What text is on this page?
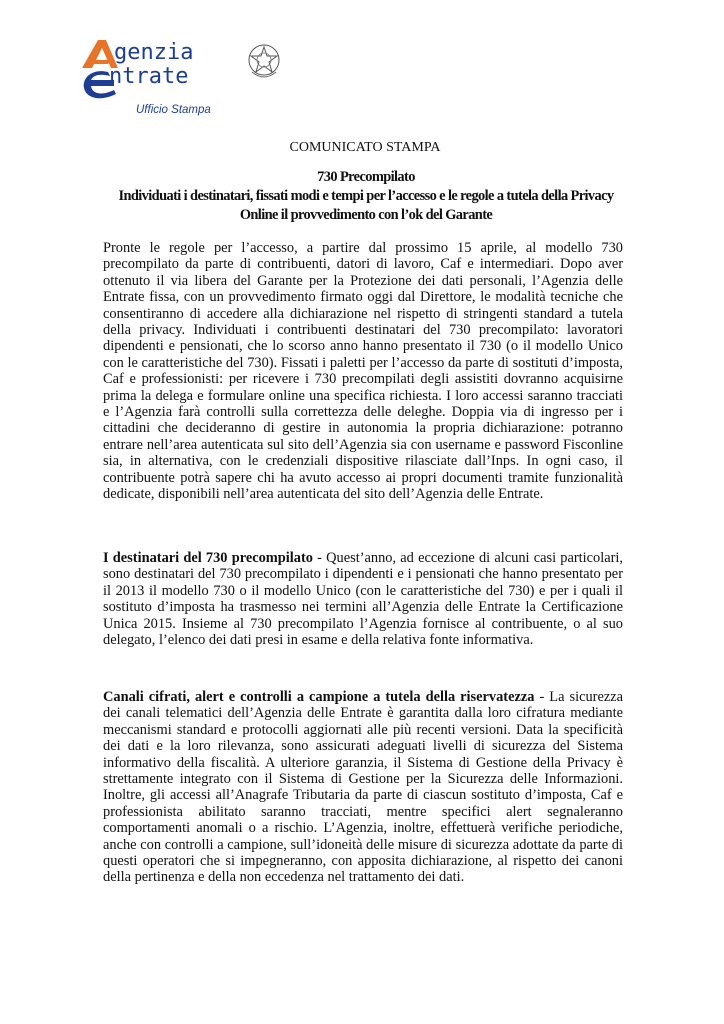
genzia
ntrate
Ufficio Stampa
COMUNICATO STAMPA
730 Precompilato
Individuati i destinatari, fissati modi e tempi per l’accesso e le regole a tutela della Privacy
Online il provvedimento con l’ok del Garante

Pronte le regole per l’accesso, a partire dal prossimo 15 aprile, al modello 730 precompilato da parte di contribuenti, datori di lavoro, Caf e intermediari. Dopo aver ottenuto il via libera del Garante per la Protezione dei dati personali, l’Agenzia delle Entrate fissa, con un provvedimento firmato oggi dal Direttore, le modalità tecniche che consentiranno di accedere alla dichiarazione nel rispetto di stringenti standard a tutela della privacy. Individuati i contribuenti destinatari del 730 precompilato: lavoratori dipendenti e pensionati, che lo scorso anno hanno presentato il 730 (o il modello Unico con le caratteristiche del 730). Fissati i paletti per l’accesso da parte di sostituti d’imposta, Caf e professionisti: per ricevere i 730 precompilati degli assistiti dovranno acquisirne prima la delega e formulare online una specifica richiesta. I loro accessi saranno tracciati e l’Agenzia farà controlli sulla correttezza delle deleghe. Doppia via di ingresso per i cittadini che decideranno di gestire in autonomia la propria dichiarazione: potranno entrare nell’area autenticata sul sito dell’Agenzia sia con username e password Fisconline sia, in alternativa, con le credenziali dispositive rilasciate dall’Inps. In ogni caso, il contribuente potrà sapere chi ha avuto accesso ai propri documenti tramite funzionalità dedicate, disponibili nell’area autenticata del sito dell’Agenzia delle Entrate.

I destinatari del 730 precompilato - Quest’anno, ad eccezione di alcuni casi particolari, sono destinatari del 730 precompilato i dipendenti e i pensionati che hanno presentato per il 2013 il modello 730 o il modello Unico (con le caratteristiche del 730) e per i quali il sostituto d’imposta ha trasmesso nei termini all’Agenzia delle Entrate la Certificazione Unica 2015. Insieme al 730 precompilato l’Agenzia fornisce al contribuente, o al suo delegato, l’elenco dei dati presi in esame e della relativa fonte informativa.

Canali cifrati, alert e controlli a campione a tutela della riservatezza - La sicurezza dei canali telematici dell’Agenzia delle Entrate è garantita dalla loro cifratura mediante meccanismi standard e protocolli aggiornati alle più recenti versioni. Data la specificità dei dati e la loro rilevanza, sono assicurati adeguati livelli di sicurezza del Sistema informativo della fiscalità. A ulteriore garanzia, il Sistema di Gestione della Privacy è strettamente integrato con il Sistema di Gestione per la Sicurezza delle Informazioni. Inoltre, gli accessi all’Anagrafe Tributaria da parte di ciascun sostituto d’imposta, Caf e professionista abilitato saranno tracciati, mentre specifici alert segnaleranno comportamenti anomali o a rischio. L’Agenzia, inoltre, effettuerà verifiche periodiche, anche con controlli a campione, sull’idoneità delle misure di sicurezza adottate da parte di questi operatori che si impegneranno, con apposita dichiarazione, al rispetto dei canoni della pertinenza e della non eccedenza nel trattamento dei dati.
